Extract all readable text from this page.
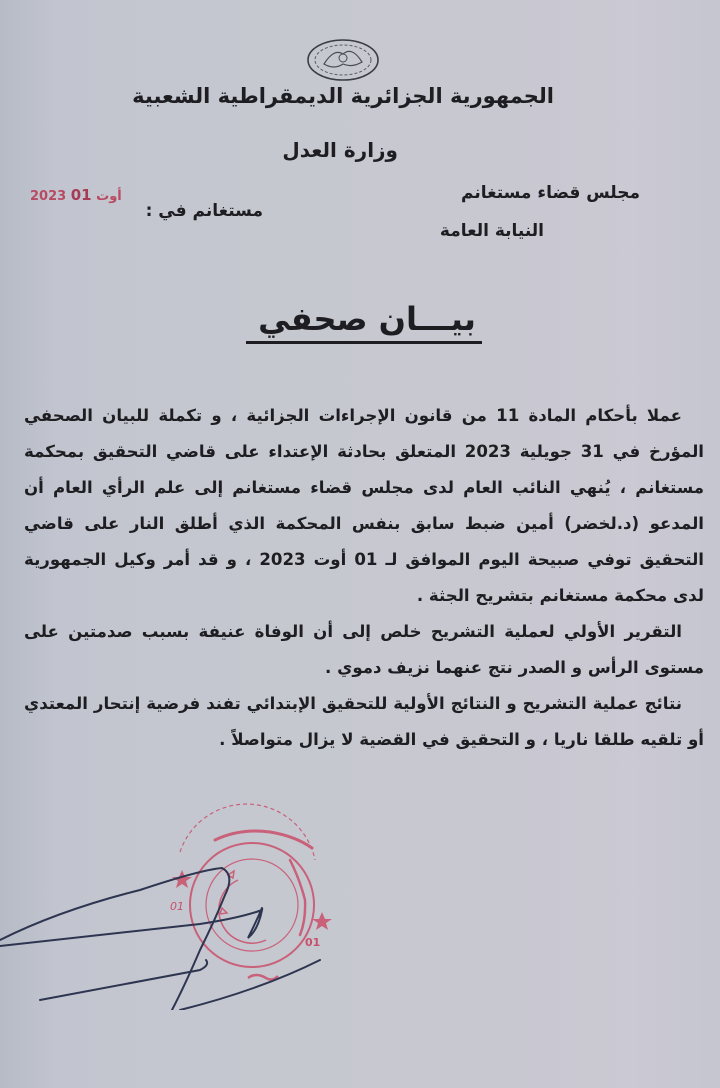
الجمهورية الجزائرية الديمقراطية الشعبية
وزارة العدل
مجلس قضاء مستغانم
النيابة العامة
مستغانم في :
2023 أوت 01
بيـــان صحفي

عملا بأحكام المادة 11 من قانون الإجراءات الجزائية ، و تكملة للبيان الصحفي المؤرخ في 31 جويلية 2023 المتعلق بحادثة الإعتداء على قاضي التحقيق بمحكمة مستغانم ، يُنهي النائب العام لدى مجلس قضاء مستغانم إلى علم الرأي العام أن المدعو (د.لخضر) أمين ضبط سابق بنفس المحكمة الذي أطلق النار على قاضي التحقيق توفي صبيحة اليوم الموافق لـ 01 أوت 2023 ، و قد أمر وكيل الجمهورية لدى محكمة مستغانم بتشريح الجثة .

التقرير الأولي لعملية التشريح خلص إلى أن الوفاة عنيفة بسبب صدمتين على مستوى الرأس و الصدر نتج عنهما نزيف دموي .

نتائج عملية التشريح و النتائج الأولية للتحقيق الإبتدائي تفند فرضية إنتحار المعتدي أو تلقيه طلقا ناريا ، و التحقيق في القضية لا يزال متواصلاً .

01
01
